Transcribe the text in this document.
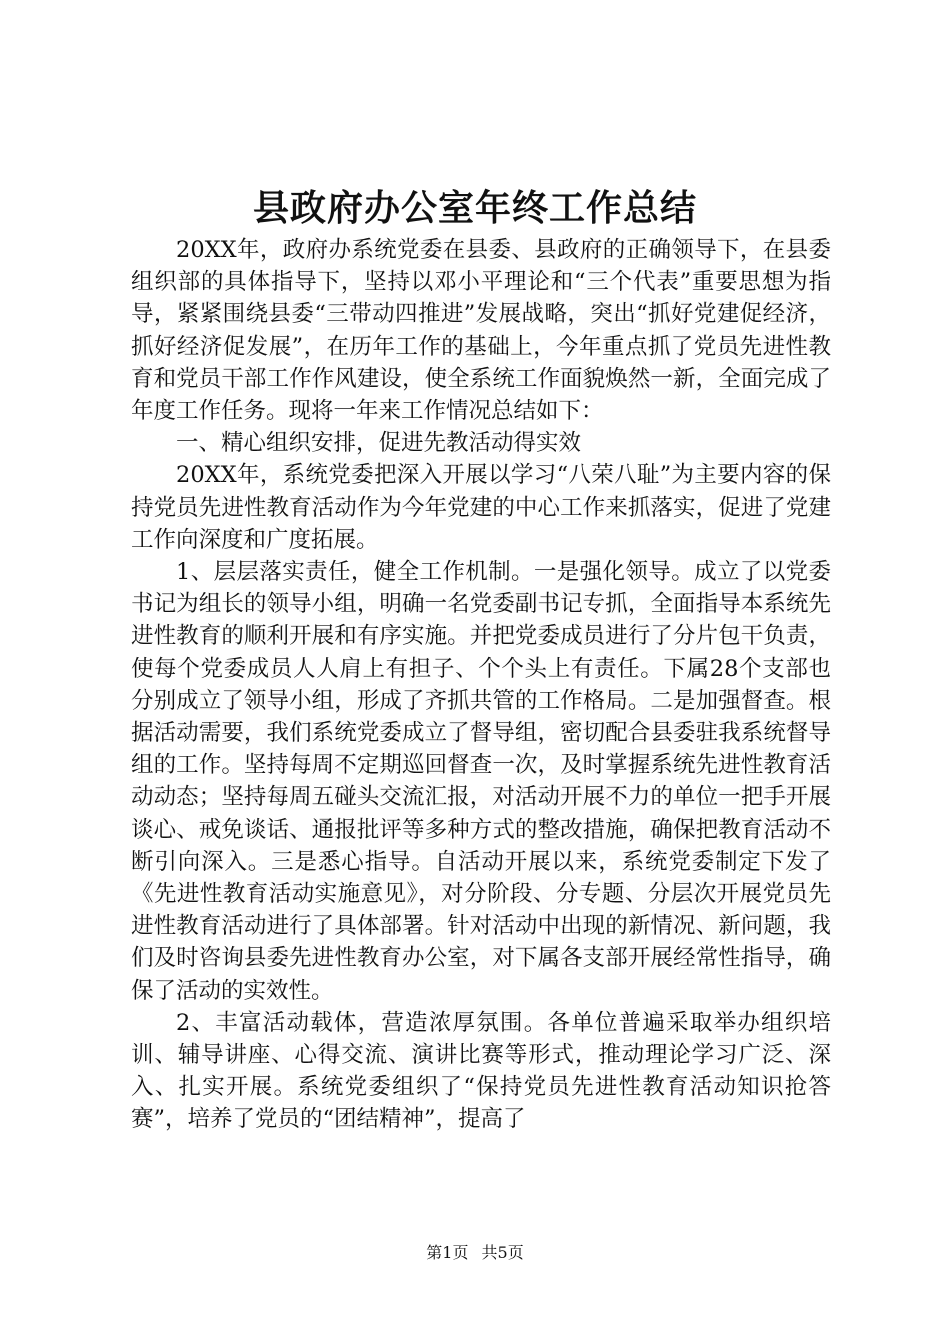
县政府办公室年终工作总结

20XX年，政府办系统党委在县委、县政府的正确领导下，在县委组织部的具体指导下，坚持以邓小平理论和“三个代表”重要思想为指导，紧紧围绕县委“三带动四推进”发展战略，突出“抓好党建促经济，抓好经济促发展”，在历年工作的基础上，今年重点抓了党员先进性教育和党员干部工作作风建设，使全系统工作面貌焕然一新，全面完成了年度工作任务。现将一年来工作情况总结如下：

一、精心组织安排，促进先教活动得实效

20XX年，系统党委把深入开展以学习“八荣八耻”为主要内容的保持党员先进性教育活动作为今年党建的中心工作来抓落实，促进了党建工作向深度和广度拓展。

1、层层落实责任，健全工作机制。一是强化领导。成立了以党委书记为组长的领导小组，明确一名党委副书记专抓，全面指导本系统先进性教育的顺利开展和有序实施。并把党委成员进行了分片包干负责，使每个党委成员人人肩上有担子、个个头上有责任。下属28个支部也分别成立了领导小组，形成了齐抓共管的工作格局。二是加强督查。根据活动需要，我们系统党委成立了督导组，密切配合县委驻我系统督导组的工作。坚持每周不定期巡回督查一次，及时掌握系统先进性教育活动动态；坚持每周五碰头交流汇报，对活动开展不力的单位一把手开展谈心、戒免谈话、通报批评等多种方式的整改措施，确保把教育活动不断引向深入。三是悉心指导。自活动开展以来，系统党委制定下发了《先进性教育活动实施意见》，对分阶段、分专题、分层次开展党员先进性教育活动进行了具体部署。针对活动中出现的新情况、新问题，我们及时咨询县委先进性教育办公室，对下属各支部开展经常性指导，确保了活动的实效性。

2、丰富活动载体，营造浓厚氛围。各单位普遍采取举办组织培训、辅导讲座、心得交流、演讲比赛等形式，推动理论学习广泛、深入、扎实开展。系统党委组织了“保持党员先进性教育活动知识抢答赛”，培养了党员的“团结精神”，提高了

第1页 共5页
